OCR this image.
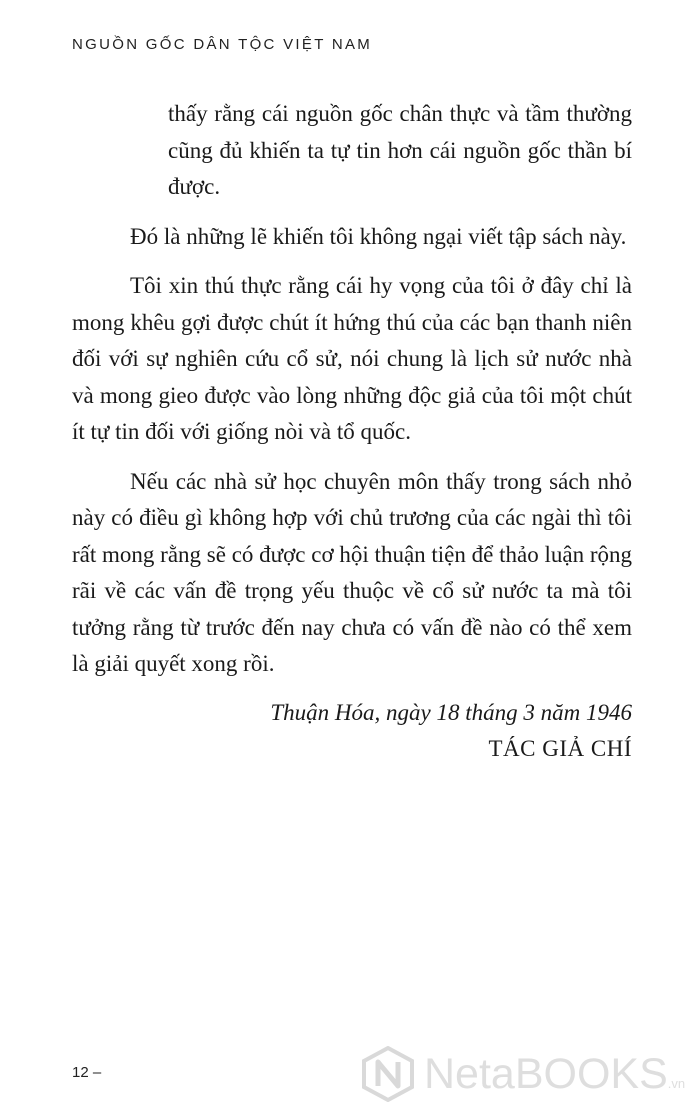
NGUỒN GỐC DÂN TỘC VIỆT NAM

thấy rằng cái nguồn gốc chân thực và tầm thường cũng đủ khiến ta tự tin hơn cái nguồn gốc thần bí được.

Đó là những lẽ khiến tôi không ngại viết tập sách này.

Tôi xin thú thực rằng cái hy vọng của tôi ở đây chỉ là mong khêu gợi được chút ít hứng thú của các bạn thanh niên đối với sự nghiên cứu cổ sử, nói chung là lịch sử nước nhà và mong gieo được vào lòng những độc giả của tôi một chút ít tự tin đối với giống nòi và tổ quốc.

Nếu các nhà sử học chuyên môn thấy trong sách nhỏ này có điều gì không hợp với chủ trương của các ngài thì tôi rất mong rằng sẽ có được cơ hội thuận tiện để thảo luận rộng rãi về các vấn đề trọng yếu thuộc về cổ sử nước ta mà tôi tưởng rằng từ trước đến nay chưa có vấn đề nào có thể xem là giải quyết xong rồi.

Thuận Hóa, ngày 18 tháng 3 năm 1946
TÁC GIẢ CHÍ
12 –	NetaBOOKS.vn
